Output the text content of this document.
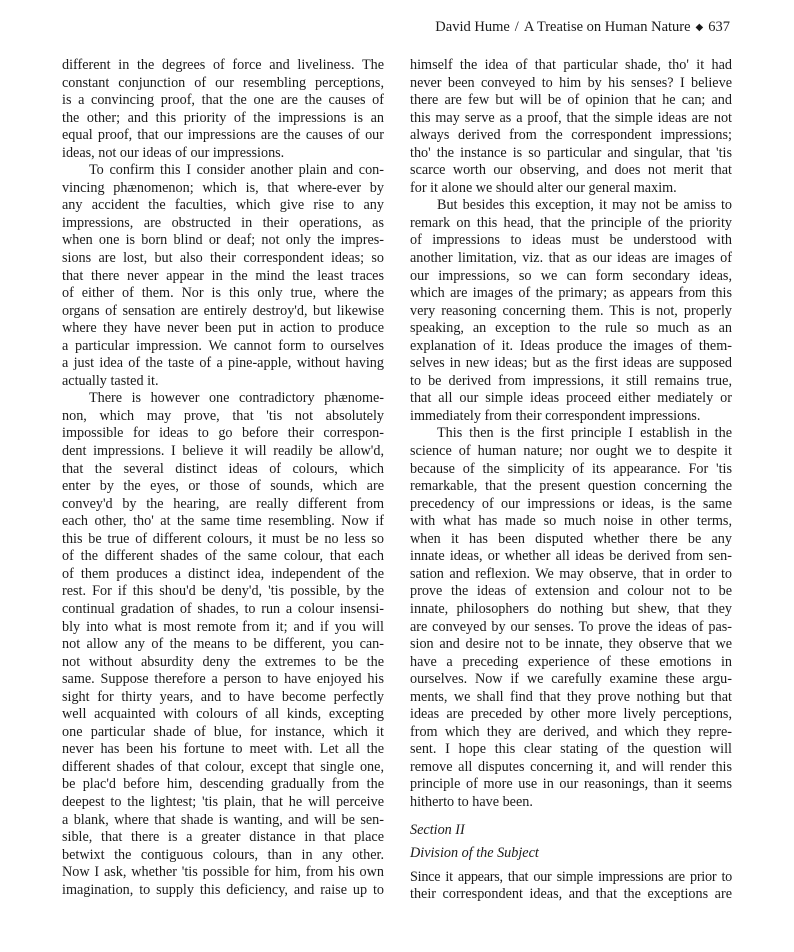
David Hume / A Treatise on Human Nature ◆ 637

different in the degrees of force and liveliness. The

constant conjunction of our resembling perceptions,

is a convincing proof, that the one are the causes of

the other; and this priority of the impressions is an

equal proof, that our impressions are the causes of our

ideas, not our ideas of our impressions.

To confirm this I consider another plain and con-

vincing phænomenon; which is, that where-ever by

any accident the faculties, which give rise to any

impressions, are obstructed in their operations, as

when one is born blind or deaf; not only the impres-

sions are lost, but also their correspondent ideas; so

that there never appear in the mind the least traces

of either of them. Nor is this only true, where the

organs of sensation are entirely destroy'd, but likewise

where they have never been put in action to produce

a particular impression. We cannot form to ourselves

a just idea of the taste of a pine-apple, without having

actually tasted it.

There is however one contradictory phænome-

non, which may prove, that 'tis not absolutely

impossible for ideas to go before their correspon-

dent impressions. I believe it will readily be allow'd,

that the several distinct ideas of colours, which

enter by the eyes, or those of sounds, which are

convey'd by the hearing, are really different from

each other, tho' at the same time resembling. Now if

this be true of different colours, it must be no less so

of the different shades of the same colour, that each

of them produces a distinct idea, independent of the

rest. For if this shou'd be deny'd, 'tis possible, by the

continual gradation of shades, to run a colour insensi-

bly into what is most remote from it; and if you will

not allow any of the means to be different, you can-

not without absurdity deny the extremes to be the

same. Suppose therefore a person to have enjoyed his

sight for thirty years, and to have become perfectly

well acquainted with colours of all kinds, excepting

one particular shade of blue, for instance, which it

never has been his fortune to meet with. Let all the

different shades of that colour, except that single one,

be plac'd before him, descending gradually from the

deepest to the lightest; 'tis plain, that he will perceive

a blank, where that shade is wanting, and will be sen-

sible, that there is a greater distance in that place

betwixt the contiguous colours, than in any other.

Now I ask, whether 'tis possible for him, from his own

imagination, to supply this deficiency, and raise up to

himself the idea of that particular shade, tho' it had

never been conveyed to him by his senses? I believe

there are few but will be of opinion that he can; and

this may serve as a proof, that the simple ideas are not

always derived from the correspondent impressions;

tho' the instance is so particular and singular, that 'tis

scarce worth our observing, and does not merit that

for it alone we should alter our general maxim.

But besides this exception, it may not be amiss to

remark on this head, that the principle of the priority

of impressions to ideas must be understood with

another limitation, viz. that as our ideas are images of

our impressions, so we can form secondary ideas,

which are images of the primary; as appears from this

very reasoning concerning them. This is not, properly

speaking, an exception to the rule so much as an

explanation of it. Ideas produce the images of them-

selves in new ideas; but as the first ideas are supposed

to be derived from impressions, it still remains true,

that all our simple ideas proceed either mediately or

immediately from their correspondent impressions.

This then is the first principle I establish in the

science of human nature; nor ought we to despite it

because of the simplicity of its appearance. For 'tis

remarkable, that the present question concerning the

precedency of our impressions or ideas, is the same

with what has made so much noise in other terms,

when it has been disputed whether there be any

innate ideas, or whether all ideas be derived from sen-

sation and reflexion. We may observe, that in order to

prove the ideas of extension and colour not to be

innate, philosophers do nothing but shew, that they

are conveyed by our senses. To prove the ideas of pas-

sion and desire not to be innate, they observe that we

have a preceding experience of these emotions in

ourselves. Now if we carefully examine these argu-

ments, we shall find that they prove nothing but that

ideas are preceded by other more lively perceptions,

from which they are derived, and which they repre-

sent. I hope this clear stating of the question will

remove all disputes concerning it, and will render this

principle of more use in our reasonings, than it seems

hitherto to have been.

Section II
Division of the Subject

Since it appears, that our simple impressions are prior to

their correspondent ideas, and that the exceptions are
